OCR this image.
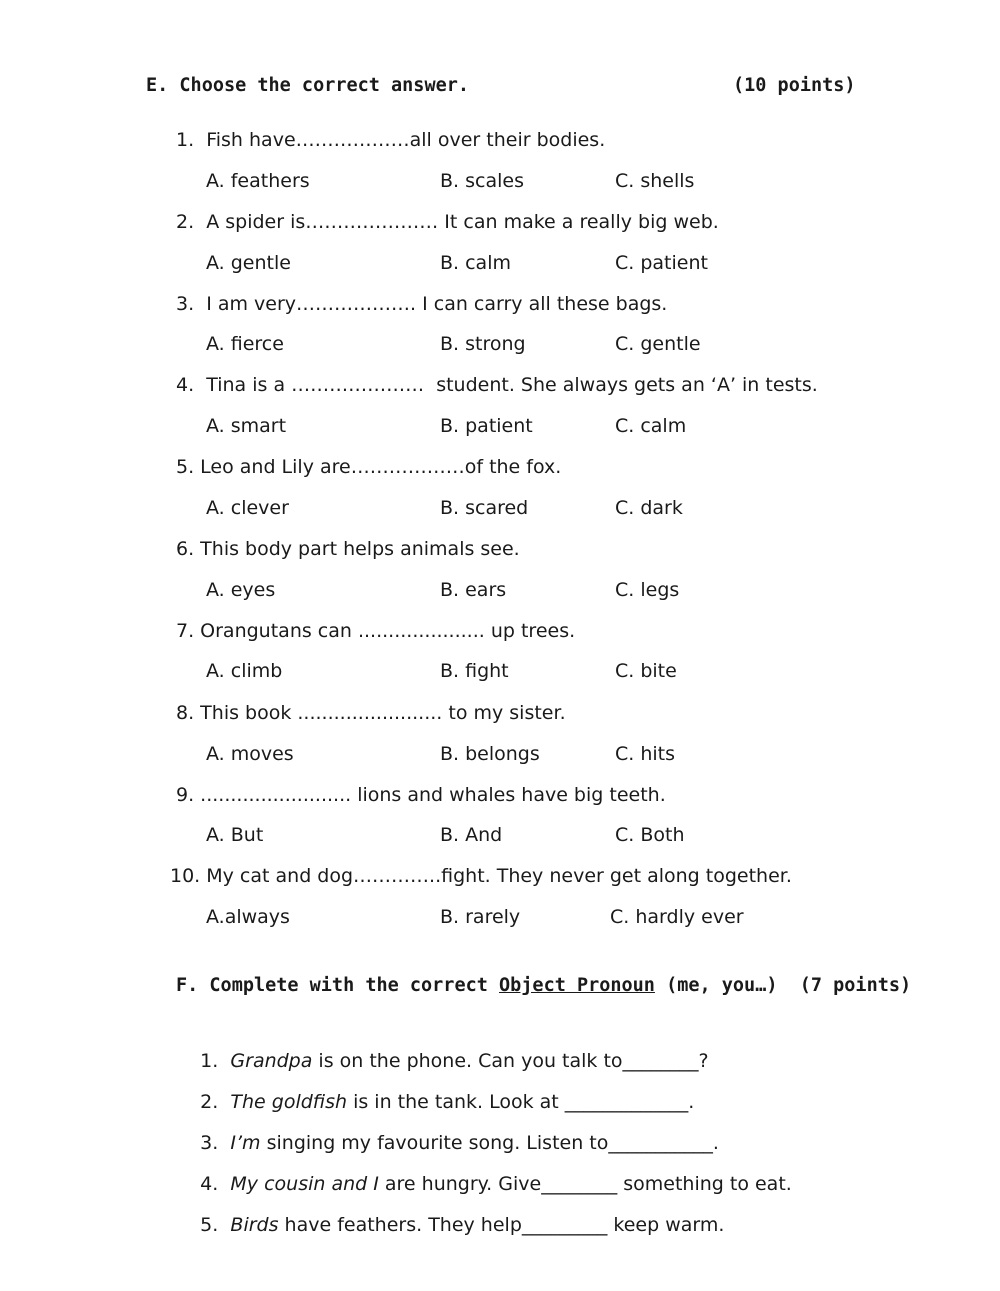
E. Choose the correct answer.	(10 points)
1.  Fish have………………all over their bodies.
A. feathers	B. scales	C. shells
2.  A spider is………………… It can make a really big web.
A. gentle	B. calm	C. patient
3.  I am very………………. I can carry all these bags.
A. fierce	B. strong	C. gentle
4.  Tina is a …………………  student. She always gets an ‘A’ in tests.
A. smart	B. patient	C. calm
5. Leo and Lily are………………of the fox.
A. clever	B. scared	C. dark
6. This body part helps animals see.
A. eyes	B. ears	C. legs
7. Orangutans can ..................... up trees.
A. climb	B. fight	C. bite
8. This book ........................ to my sister.
A. moves	B. belongs	C. hits
9. ......................... lions and whales have big teeth.
A. But	B. And	C. Both
10. My cat and dog…………..fight. They never get along together.
A.always	B. rarely	C. hardly ever
F. Complete with the correct Object Pronoun (me, you…)  (7 points)

1. Grandpa is on the phone. Can you talk to________?

2. The goldfish is in the tank. Look at _____________.

3. I’m singing my favourite song. Listen to___________.

4. My cousin and I are hungry. Give________ something to eat.

5. Birds have feathers. They help_________ keep warm.
